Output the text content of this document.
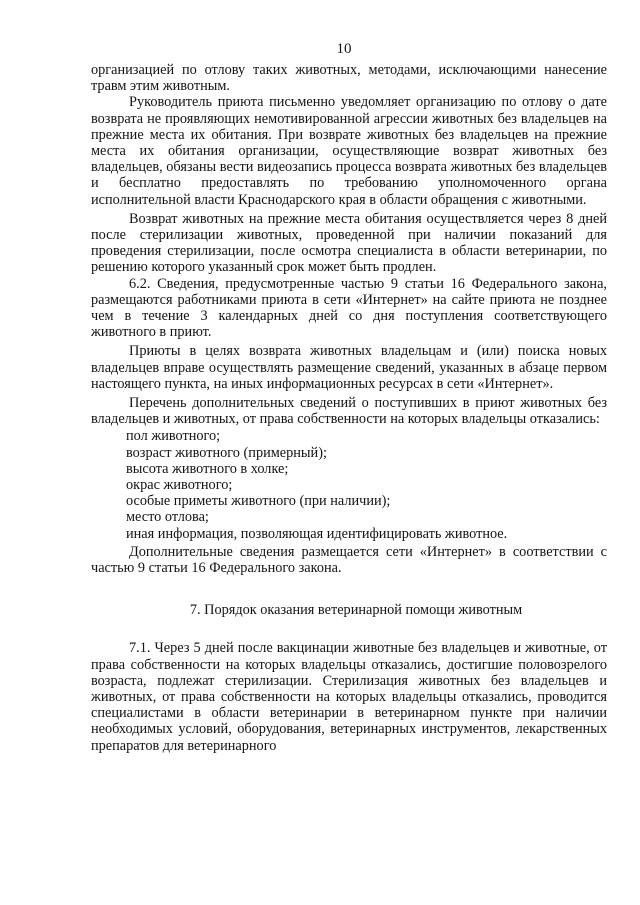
10

организацией по отлову таких животных, методами, исключающими нанесение травм этим животным.

Руководитель приюта письменно уведомляет организацию по отлову о дате возврата не проявляющих немотивированной агрессии животных без владельцев на прежние места их обитания. При возврате животных без владельцев на прежние места их обитания организации, осуществляющие возврат животных без владельцев, обязаны вести видеозапись процесса возврата животных без владельцев и бесплатно предоставлять по требованию уполномоченного органа исполнительной власти Краснодарского края в области обращения с животными.

Возврат животных на прежние места обитания осуществляется через 8 дней после стерилизации животных, проведенной при наличии показаний для проведения стерилизации, после осмотра специалиста в области ветеринарии, по решению которого указанный срок может быть продлен.

6.2. Сведения, предусмотренные частью 9 статьи 16 Федерального закона, размещаются работниками приюта в сети «Интернет» на сайте приюта не позднее чем в течение 3 календарных дней со дня поступления соответствующего животного в приют.

Приюты в целях возврата животных владельцам и (или) поиска новых владельцев вправе осуществлять размещение сведений, указанных в абзаце первом настоящего пункта, на иных информационных ресурсах в сети «Интернет».

Перечень дополнительных сведений о поступивших в приют животных без владельцев и животных, от права собственности на которых владельцы отказались:

пол животного;
возраст животного (примерный);
высота животного в холке;
окрас животного;
особые приметы животного (при наличии);
место отлова;
иная информация, позволяющая идентифицировать животное.

Дополнительные сведения размещается сети «Интернет» в соответствии с частью 9 статьи 16 Федерального закона.

7. Порядок оказания ветеринарной помощи животным

7.1. Через 5 дней после вакцинации животные без владельцев и животные, от права собственности на которых владельцы отказались, достигшие половозрелого возраста, подлежат стерилизации. Стерилизация животных без владельцев и животных, от права собственности на которых владельцы отказались, проводится специалистами в области ветеринарии в ветеринарном пункте при наличии необходимых условий, оборудования, ветеринарных инструментов, лекарственных препаратов для ветеринарного
